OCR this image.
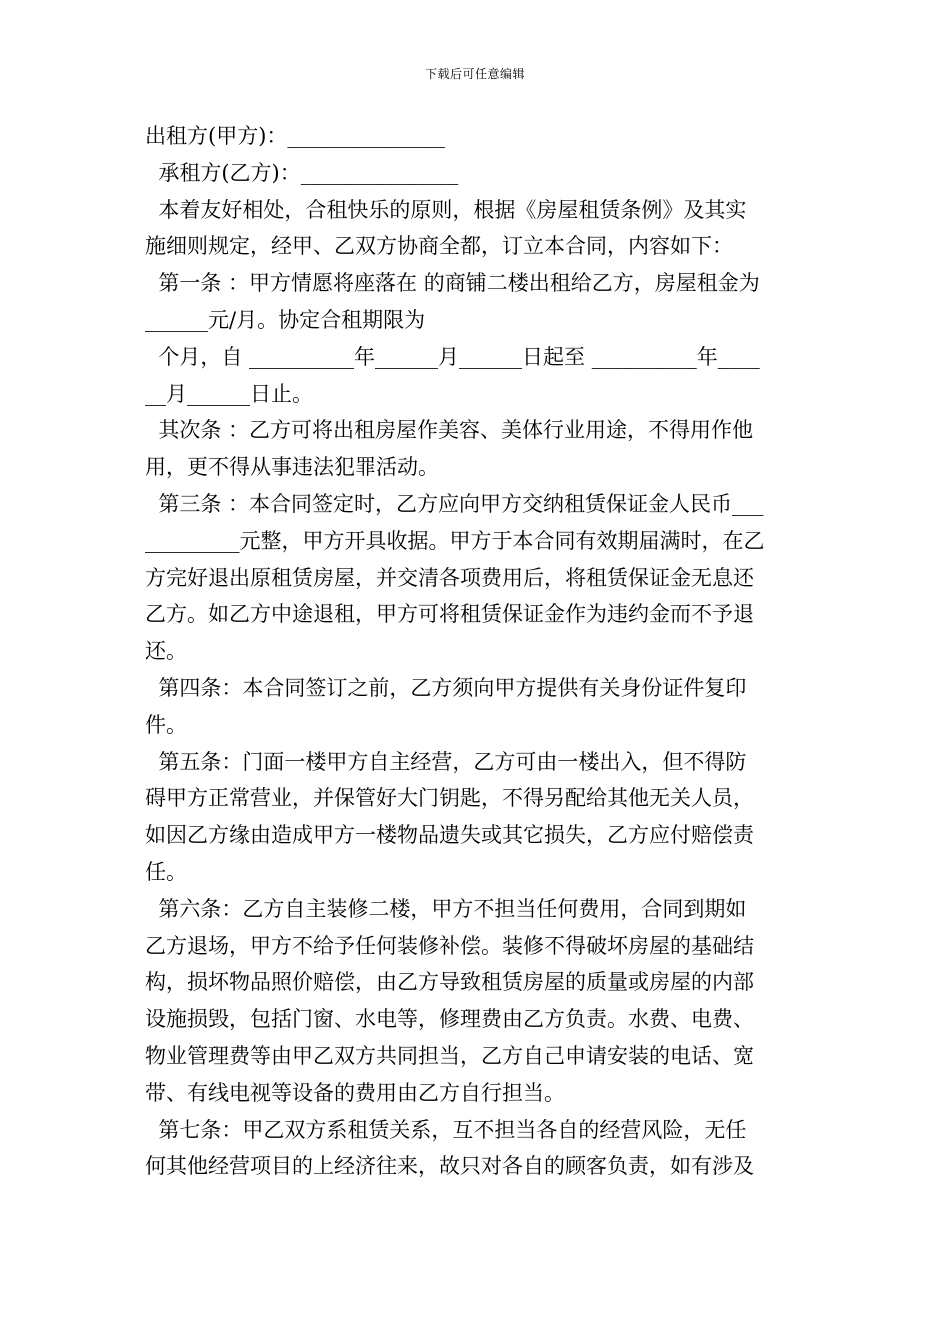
下载后可任意编辑
出租方(甲方)：_______________
承租方(乙方)：_______________
本着友好相处，合租快乐的原则，根据《房屋租赁条例》及其实
施细则规定，经甲、乙双方协商全都，订立本合同，内容如下：
第一条 ：甲方情愿将座落在 的商铺二楼出租给乙方，房屋租金为
______元/月。协定合租期限为
个月，自 __________年______月______日起至 __________年____
__月______日止。
其次条 ：乙方可将出租房屋作美容、美体行业用途，不得用作他
用，更不得从事违法犯罪活动。
第三条 ：本合同签定时，乙方应向甲方交纳租赁保证金人民币___
_________元整，甲方开具收据。甲方于本合同有效期届满时，在乙
方完好退出原租赁房屋，并交清各项费用后，将租赁保证金无息还
乙方。如乙方中途退租，甲方可将租赁保证金作为违约金而不予退
还。
第四条：本合同签订之前，乙方须向甲方提供有关身份证件复印
件。
第五条：门面一楼甲方自主经营，乙方可由一楼出入，但不得防
碍甲方正常营业，并保管好大门钥匙，不得另配给其他无关人员，
如因乙方缘由造成甲方一楼物品遗失或其它损失，乙方应付赔偿责
任。
第六条：乙方自主装修二楼，甲方不担当任何费用，合同到期如
乙方退场，甲方不给予任何装修补偿。装修不得破坏房屋的基础结
构，损坏物品照价赔偿，由乙方导致租赁房屋的质量或房屋的内部
设施损毁，包括门窗、水电等，修理费由乙方负责。水费、电费、
物业管理费等由甲乙双方共同担当，乙方自己申请安装的电话、宽
带、有线电视等设备的费用由乙方自行担当。
第七条：甲乙双方系租赁关系，互不担当各自的经营风险，无任
何其他经营项目的上经济往来，故只对各自的顾客负责，如有涉及
